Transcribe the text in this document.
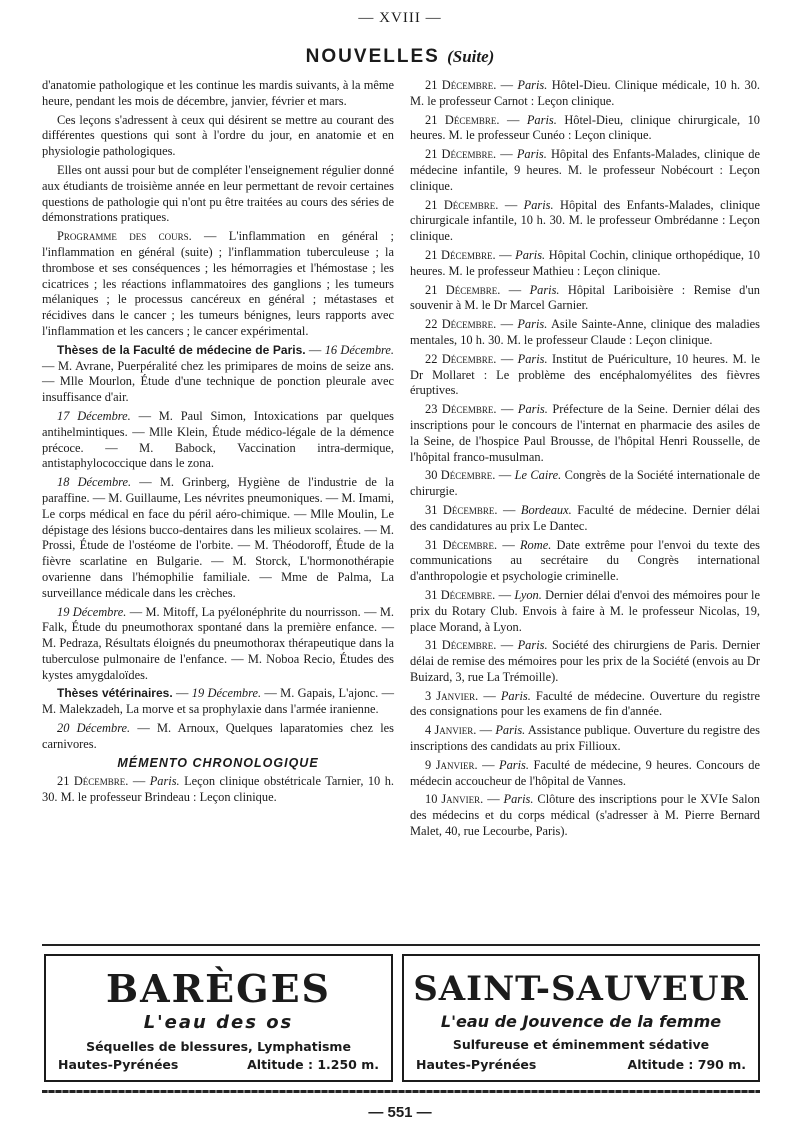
— XVIII —
NOUVELLES (Suite)

d'anatomie pathologique et les continue les mardis suivants, à la même heure, pendant les mois de décembre, janvier, février et mars.

Ces leçons s'adressent à ceux qui désirent se mettre au courant des différentes questions qui sont à l'ordre du jour, en anatomie et en physiologie pathologiques.

Elles ont aussi pour but de compléter l'enseignement régulier donné aux étudiants de troisième année en leur permettant de revoir certaines questions de pathologie qui n'ont pu être traitées au cours des séries de démonstrations pratiques.

Programme des cours. — L'inflammation en général ; l'inflammation en général (suite) ; l'inflammation tuberculeuse ; la thrombose et ses conséquences ; les hémorragies et l'hémostase ; les cicatrices ; les réactions inflammatoires des ganglions ; les tumeurs mélaniques ; le processus cancéreux en général ; métastases et récidives dans le cancer ; les tumeurs bénignes, leurs rapports avec l'inflammation et les cancers ; le cancer expérimental.

Thèses de la Faculté de médecine de Paris. — 16 Décembre. — M. Avrane, Puerpéralité chez les primipares de moins de seize ans. — Mlle Mourlon, Étude d'une technique de ponction pleurale avec insuffisance d'air.

17 Décembre. — M. Paul Simon, Intoxications par quelques antihelmintiques. — Mlle Klein, Étude médico-légale de la démence précoce. — M. Babock, Vaccination intra-dermique, antistaphylococcique dans le zona.

18 Décembre. — M. Grinberg, Hygiène de l'industrie de la paraffine. — M. Guillaume, Les névrites pneumoniques. — M. Imami, Le corps médical en face du péril aéro-chimique. — Mlle Moulin, Le dépistage des lésions bucco-dentaires dans les milieux scolaires. — M. Prossi, Étude de l'ostéome de l'orbite. — M. Théodoroff, Étude de la fièvre scarlatine en Bulgarie. — M. Storck, L'hormonothérapie ovarienne dans l'hémophilie familiale. — Mme de Palma, La surveillance médicale dans les crèches.

19 Décembre. — M. Mitoff, La pyélonéphrite du nourrisson. — M. Falk, Étude du pneumothorax spontané dans la première enfance. — M. Pedraza, Résultats éloignés du pneumothorax thérapeutique dans la tuberculose pulmonaire de l'enfance. — M. Noboa Recio, Études des kystes amygdaloïdes.

Thèses vétérinaires. — 19 Décembre. — M. Gapais, L'ajonc. — M. Malekzadeh, La morve et sa prophylaxie dans l'armée iranienne.

20 Décembre. — M. Arnoux, Quelques laparatomies chez les carnivores.

MÉMENTO CHRONOLOGIQUE

21 Décembre. — Paris. Leçon clinique obstétricale Tarnier, 10 h. 30. M. le professeur Brindeau : Leçon clinique.

21 Décembre. — Paris. Hôtel-Dieu. Clinique médicale, 10 h. 30. M. le professeur Carnot : Leçon clinique.

21 Décembre. — Paris. Hôtel-Dieu, clinique chirurgicale, 10 heures. M. le professeur Cunéo : Leçon clinique.

21 Décembre. — Paris. Hôpital des Enfants-Malades, clinique de médecine infantile, 9 heures. M. le professeur Nobécourt : Leçon clinique.

21 Décembre. — Paris. Hôpital des Enfants-Malades, clinique chirurgicale infantile, 10 h. 30. M. le professeur Ombrédanne : Leçon clinique.

21 Décembre. — Paris. Hôpital Cochin, clinique orthopédique, 10 heures. M. le professeur Mathieu : Leçon clinique.

21 Décembre. — Paris. Hôpital Lariboisière : Remise d'un souvenir à M. le Dr Marcel Garnier.

22 Décembre. — Paris. Asile Sainte-Anne, clinique des maladies mentales, 10 h. 30. M. le professeur Claude : Leçon clinique.

22 Décembre. — Paris. Institut de Puériculture, 10 heures. M. le Dr Mollaret : Le problème des encéphalomyélites des fièvres éruptives.

23 Décembre. — Paris. Préfecture de la Seine. Dernier délai des inscriptions pour le concours de l'internat en pharmacie des asiles de la Seine, de l'hospice Paul Brousse, de l'hôpital Henri Rousselle, de l'hôpital franco-musulman.

30 Décembre. — Le Caire. Congrès de la Société internationale de chirurgie.

31 Décembre. — Bordeaux. Faculté de médecine. Dernier délai des candidatures au prix Le Dantec.

31 Décembre. — Rome. Date extrême pour l'envoi du texte des communications au secrétaire du Congrès international d'anthropologie et psychologie criminelle.

31 Décembre. — Lyon. Dernier délai d'envoi des mémoires pour le prix du Rotary Club. Envois à faire à M. le professeur Nicolas, 19, place Morand, à Lyon.

31 Décembre. — Paris. Société des chirurgiens de Paris. Dernier délai de remise des mémoires pour les prix de la Société (envois au Dr Buizard, 3, rue La Trémoille).

3 Janvier. — Paris. Faculté de médecine. Ouverture du registre des consignations pour les examens de fin d'année.

4 Janvier. — Paris. Assistance publique. Ouverture du registre des inscriptions des candidats au prix Fillioux.

9 Janvier. — Paris. Faculté de médecine, 9 heures. Concours de médecin accoucheur de l'hôpital de Vannes.

10 Janvier. — Paris. Clôture des inscriptions pour le XVIe Salon des médecins et du corps médical (s'adresser à M. Pierre Bernard Malet, 40, rue Lecourbe, Paris).

BARÈGES
L'eau des os
Séquelles de blessures, Lymphatisme
Hautes-Pyrénées	Altitude : 1.250 m.
SAINT-SAUVEUR
L'eau de Jouvence de la femme
Sulfureuse et éminemment sédative
Hautes-Pyrénées	Altitude : 790 m.
— 551 —
